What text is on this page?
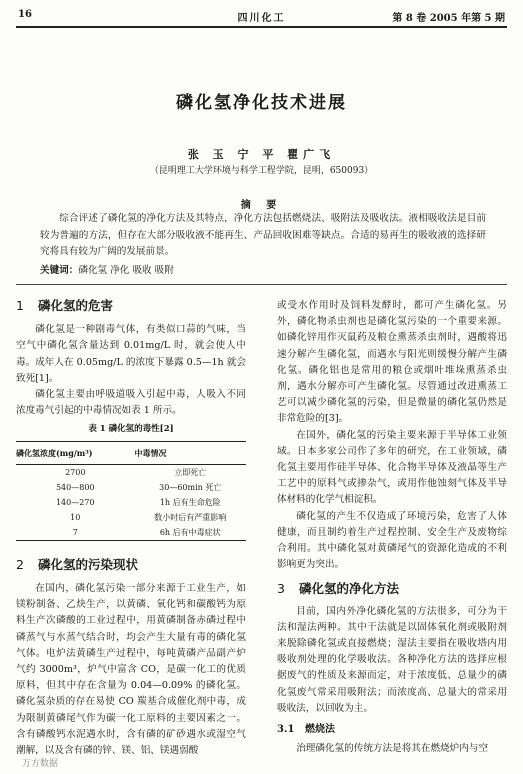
16	四川化工	第 8 卷 2005 年第 5 期
磷化氢净化技术进展
张 玉 宁 平 瞿广飞
（昆明理工大学环境与科学工程学院，昆明，650093）
摘 要
综合评述了磷化氢的净化方法及其特点，净化方法包括燃烧法、吸附法及吸收法。液相吸收法是目前较为普遍的方法，但存在大部分吸收液不能再生、产品回收困难等缺点。合适的易再生的吸收液的选择研究将具有较为广阔的发展前景。
关键词：磷化氢 净化 吸收 吸附
1 磷化氢的危害

磷化氢是一种剧毒气体，有类似口蒜的气味，当空气中磷化氢含量达到 0.01mg/L 时，就会使人中毒。成年人在 0.05mg/L 的浓度下暴露 0.5—1h 就会致死[1]。

磷化氢主要由呼吸道吸入引起中毒，人吸入不同浓度毒气引起的中毒情况如表 1 所示。

表 1 磷化氢的毒性[2]
磷化氢浓度(mg/m³)	中毒情况
2700	立即死亡
540—800	30—60min 死亡
140—270	1h 后有生命危险
10	数小时后有严重影响
7	6h 后有中毒症状
2 磷化氢的污染现状

在国内，磷化氢污染一部分来源于工业生产，如镁粉制备、乙炔生产，以黄磷、氧化钙和碳酸钙为原料生产次磷酸的工业过程中，用黄磷制备赤磷过程中磷蒸气与水蒸气结合时，均会产生大量有毒的磷化氢气体。电炉法黄磷生产过程中，每吨黄磷产品副产炉气约 3000m³，炉气中富含 CO，是碳一化工的优质原料，但其中存在含量为 0.04—0.09% 的磷化氢。磷化氢杂质的存在易使 CO 羰基合成催化剂中毒，成为限制黄磷尾气作为碳一化工原料的主要因素之一。含有磷酸钙水泥遇水时，含有磷的矿砂遇水或湿空气潮解，以及含有磷的锌、镁、铝、镁遇弱酸

或受水作用时及饲料发酵时，都可产生磷化氢。另外，磷化物杀虫剂也是磷化氢污染的一个重要来源。如磷化锌用作灭鼠药及粮仓熏蒸杀虫剂时，遇酸将迅速分解产生磷化氢，而遇水与阳光则缓慢分解产生磷化氢。磷化铝也是常用的粮仓或烟叶堆垛熏蒸杀虫剂，遇水分解亦可产生磷化氢。尽管通过改进熏蒸工艺可以减少磷化氢的污染，但是微量的磷化氢仍然是非常危险的[3]。

在国外，磷化氢的污染主要来源于半导体工业领域。日本多家公司作了多年的研究，在工业领域，磷化氢主要用作硅半导体、化合物半导体及液晶等生产工艺中的原料气或掺杂气，或用作他蚀刻气体及半导体材料的化学气相淀积。

磷化氢的产生不仅造成了环境污染，危害了人体健康，而且制约着生产过程控制、安全生产及废物综合利用。其中磷化氢对黄磷尾气的资源化造成的不利影响更为突出。

3 磷化氢的净化方法

目前，国内外净化磷化氢的方法很多，可分为干法和湿法两种。其中干法就是以固体氧化剂或吸附剂来脱除磷化氢或直接燃烧；湿法主要指在吸收塔内用吸收剂处理的化学吸收法。各种净化方法的选择应根据废气的性质及来源而定，对于浓度低、总量少的磷化氢废气常采用吸附法；而浓度高、总量大的常采用吸收法，以回收为主。

3.1 燃烧法

治理磷化氢的传统方法是将其在燃烧炉内与空

万方数据
